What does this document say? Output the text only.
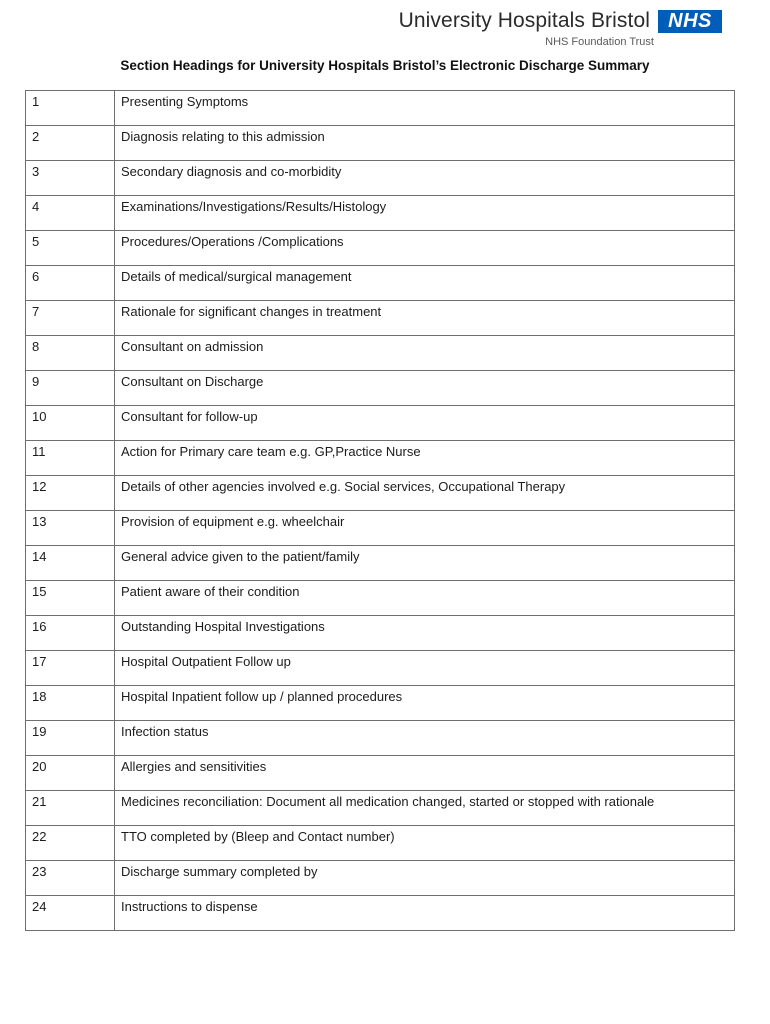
University Hospitals Bristol NHS
NHS Foundation Trust
Section Headings for University Hospitals Bristol’s Electronic Discharge Summary
1	Presenting Symptoms

2	Diagnosis relating to this admission

3	Secondary diagnosis and co-morbidity

4	Examinations/Investigations/Results/Histology

5	Procedures/Operations /Complications

6	Details of medical/surgical management

7	Rationale for significant changes in treatment

8	Consultant on admission

9	Consultant on Discharge

10	Consultant for follow-up

11	Action for Primary care team e.g. GP,Practice Nurse

12	Details of other agencies involved e.g. Social services, Occupational Therapy

13	Provision of equipment e.g. wheelchair

14	General advice given to the patient/family

15	Patient aware of their condition

16	Outstanding Hospital Investigations

17	Hospital Outpatient Follow up

18	Hospital Inpatient follow up / planned procedures

19	Infection status

20	Allergies and sensitivities

21	Medicines reconciliation: Document all medication changed, started or stopped with rationale

22	TTO completed by (Bleep and Contact number)

23	Discharge summary completed by

24	Instructions to dispense
